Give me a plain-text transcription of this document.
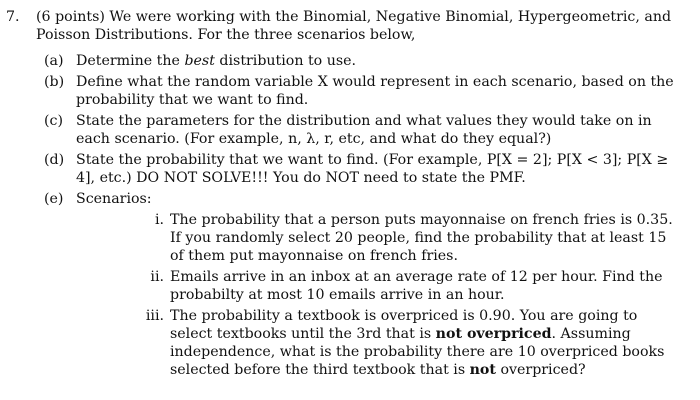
7.	(6 points) We were working with the Binomial, Negative Binomial, Hypergeometric, and Poisson Distributions. For the three scenarios below,
(a) Determine the best distribution to use.
(b) Define what the random variable X would represent in each scenario, based on the probability that we want to find.
(c) State the parameters for the distribution and what values they would take on in each scenario. (For example, n, λ, r, etc, and what do they equal?)
(d) State the probability that we want to find. (For example, P[X = 2]; P[X < 3]; P[X ≥ 4], etc.) DO NOT SOLVE!!! You do NOT need to state the PMF.
(e) Scenarios:
i. The probability that a person puts mayonnaise on french fries is 0.35. If you randomly select 20 people, find the probability that at least 15 of them put mayonnaise on french fries.
ii. Emails arrive in an inbox at an average rate of 12 per hour. Find the probabilty at most 10 emails arrive in an hour.
iii. The probability a textbook is overpriced is 0.90. You are going to select textbooks until the 3rd that is not overpriced. Assuming independence, what is the probability there are 10 overpriced books selected before the third textbook that is not overpriced?
